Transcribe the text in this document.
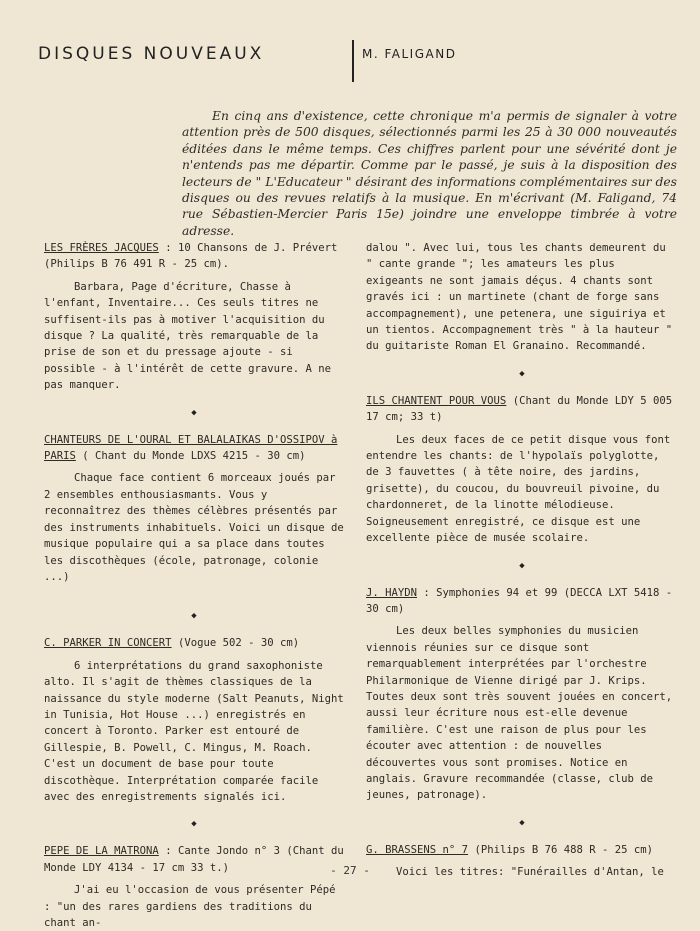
DISQUES NOUVEAUX	M. FALIGAND

En cinq ans d'existence, cette chronique m'a permis de signaler à votre attention près de 500 disques, sélectionnés parmi les 25 à 30 000 nouveautés éditées dans le même temps. Ces chiffres parlent pour une sévérité dont je n'entends pas me départir. Comme par le passé, je suis à la disposition des lecteurs de " L'Educateur " désirant des informations complémentaires sur des disques ou des revues relatifs à la musique. En m'écrivant (M. Faligand, 74 rue Sébastien-Mercier Paris 15e) joindre une enveloppe timbrée à votre adresse.

LES FRÈRES JACQUES : 10 Chansons de J. Prévert (Philips B 76 491 R - 25 cm).

Barbara, Page d'écriture, Chasse à l'enfant, Inventaire... Ces seuls titres ne suffisent-ils pas à motiver l'acquisition du disque ? La qualité, très remarquable de la prise de son et du pressage ajoute - si possible - à l'intérêt de cette gravure. A ne pas manquer.

◆

CHANTEURS DE L'OURAL ET BALALAIKAS D'OSSIPOV à PARIS ( Chant du Monde LDXS 4215 - 30 cm)

Chaque face contient 6 morceaux joués par 2 ensembles enthousiasmants. Vous y reconnaîtrez des thèmes célèbres présentés par des instruments inhabituels. Voici un disque de musique populaire qui a sa place dans toutes les discothèques (école, patronage, colonie ...)

◆

C. PARKER IN CONCERT (Vogue 502 - 30 cm)

6 interprétations du grand saxophoniste alto. Il s'agit de thèmes classiques de la naissance du style moderne (Salt Peanuts, Night in Tunisia, Hot House ...) enregistrés en concert à Toronto. Parker est entouré de Gillespie, B. Powell, C. Mingus, M. Roach. C'est un document de base pour toute discothèque. Interprétation comparée facile avec des enregistrements signalés ici.

◆

PEPE DE LA MATRONA : Cante Jondo n° 3 (Chant du Monde LDY 4134 - 17 cm 33 t.)

J'ai eu l'occasion de vous présenter Pépé : "un des rares gardiens des traditions du chant an-

dalou ". Avec lui, tous les chants demeurent du " cante grande "; les amateurs les plus exigeants ne sont jamais déçus. 4 chants sont gravés ici : un martinete (chant de forge sans accompagnement), une petenera, une siguiriya et un tientos. Accompagnement très " à la hauteur " du guitariste Roman El Granaino. Recommandé.

◆

ILS CHANTENT POUR VOUS (Chant du Monde LDY 5 005 17 cm; 33 t)

Les deux faces de ce petit disque vous font entendre les chants: de l'hypolaïs polyglotte, de 3 fauvettes ( à tête noire, des jardins, grisette), du coucou, du bouvreuil pivoine, du chardonneret, de la linotte mélodieuse. Soigneusement enregistré, ce disque est une excellente pièce de musée scolaire.

◆

J. HAYDN : Symphonies 94 et 99 (DECCA LXT 5418 - 30 cm)

Les deux belles symphonies du musicien viennois réunies sur ce disque sont remarquablement interprétées par l'orchestre Philarmonique de Vienne dirigé par J. Krips. Toutes deux sont très souvent jouées en concert, aussi leur écriture nous est-elle devenue familière. C'est une raison de plus pour les écouter avec attention : de nouvelles découvertes vous sont promises. Notice en anglais. Gravure recommandée (classe, club de jeunes, patronage).

◆

G. BRASSENS n° 7 (Philips B 76 488 R - 25 cm)

Voici les titres: "Funérailles d'Antan, le

- 27 -
